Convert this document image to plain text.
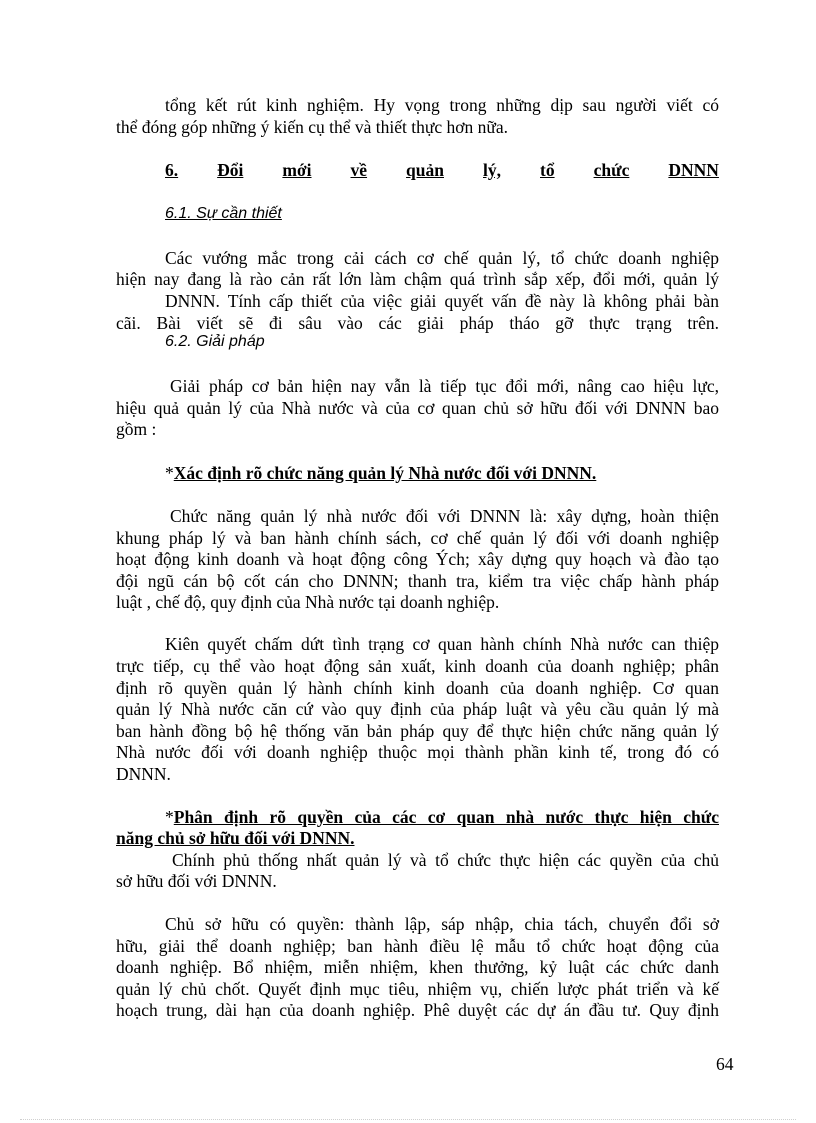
tổng kết rút kinh nghiệm. Hy vọng trong những dịp sau người viết có
thể đóng góp những ý kiến cụ thể và thiết thực hơn nữa.
6. Đổi mới về quản lý, tổ chức DNNN
6.1. Sự cần thiết
Các vướng mắc trong cải cách cơ chế quản lý, tổ chức doanh nghiệp
hiện nay đang là rào cản rất lớn làm chậm quá trình sắp xếp, đổi mới, quản lý
DNNN. Tính cấp thiết của việc giải quyết vấn đề này là không phải bàn
cãi. Bài viết sẽ đi sâu vào các giải pháp tháo gỡ thực trạng trên.
6.2. Giải pháp
Giải pháp cơ bản hiện nay vẫn là tiếp tục đổi mới, nâng cao hiệu lực,
hiệu quả quản lý của Nhà nước và của cơ quan chủ sở hữu đối với DNNN bao
gồm :
*Xác định rõ chức năng quản lý Nhà nước đối với DNNN.
Chức năng quản lý nhà nước đối với DNNN là: xây dựng, hoàn thiện
khung pháp lý và ban hành chính sách, cơ chế quản lý đối với doanh nghiệp
hoạt động kinh doanh và hoạt động công Ých; xây dựng quy hoạch và đào tạo
đội ngũ cán bộ cốt cán cho DNNN; thanh tra, kiểm tra việc chấp hành pháp
luật , chế độ, quy định của Nhà nước tại doanh nghiệp.
Kiên quyết chấm dứt tình trạng cơ quan hành chính Nhà nước can thiệp
trực tiếp, cụ thể vào hoạt động sản xuất, kinh doanh của doanh nghiệp; phân
định rõ quyền quản lý hành chính kinh doanh của doanh nghiệp. Cơ quan
quản lý Nhà nước căn cứ vào quy định của pháp luật và yêu cầu quản lý mà
ban hành đồng bộ hệ thống văn bản pháp quy để thực hiện chức năng quản lý
Nhà nước đối với doanh nghiệp thuộc mọi thành phần kinh tế, trong đó có
DNNN.
* Phân định rõ quyền của các cơ quan nhà nước thực hiện chức
năng chủ sở hữu đối với DNNN.
Chính phủ thống nhất quản lý và tổ chức thực hiện các quyền của chủ
sở hữu đối với DNNN.
Chủ sở hữu có quyền: thành lập, sáp nhập, chia tách, chuyển đổi sở
hữu, giải thể doanh nghiệp; ban hành điều lệ mẫu tổ chức hoạt động của
doanh nghiệp. Bổ nhiệm, miễn nhiệm, khen thưởng, kỷ luật các chức danh
quản lý chủ chốt. Quyết định mục tiêu, nhiệm vụ, chiến lược phát triển và kế
hoạch trung, dài hạn của doanh nghiệp. Phê duyệt các dự án đầu tư. Quy định
64
